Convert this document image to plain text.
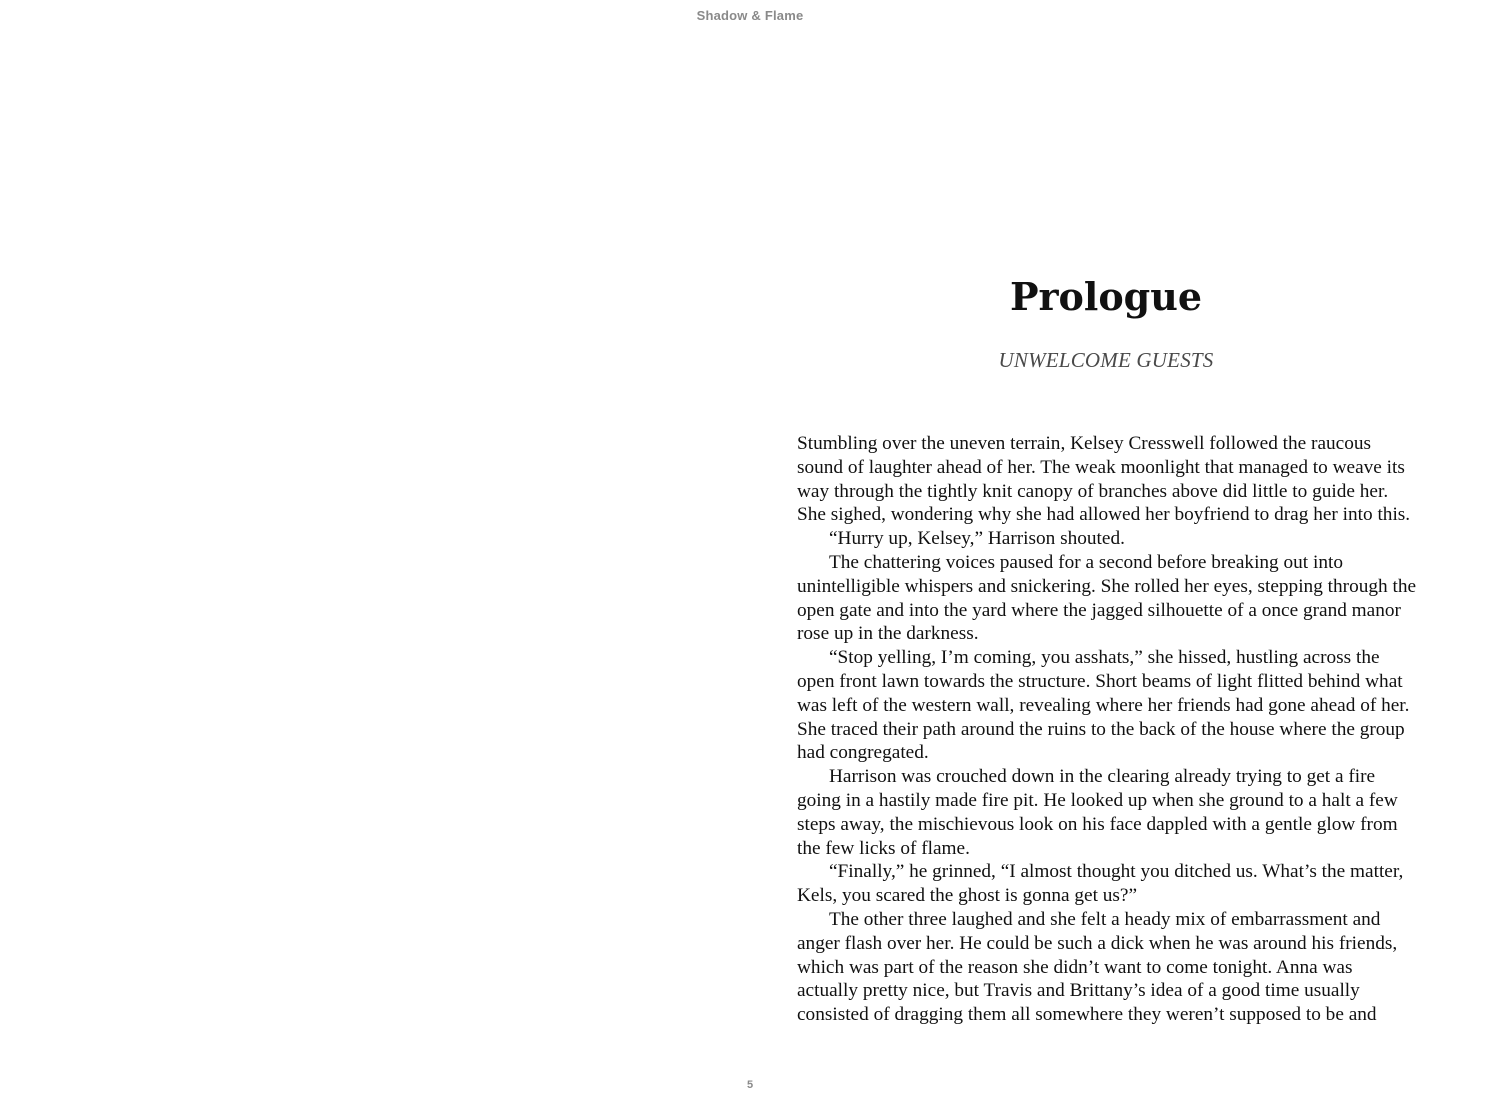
Shadow & Flame
Prologue
UNWELCOME GUESTS

Stumbling over the uneven terrain, Kelsey Cresswell followed the raucous sound of laughter ahead of her. The weak moonlight that managed to weave its way through the tightly knit canopy of branches above did little to guide her. She sighed, wondering why she had allowed her boyfriend to drag her into this.

“Hurry up, Kelsey,” Harrison shouted.

The chattering voices paused for a second before breaking out into unintelligible whispers and snickering. She rolled her eyes, stepping through the open gate and into the yard where the jagged silhouette of a once grand manor rose up in the darkness.

“Stop yelling, I’m coming, you asshats,” she hissed, hustling across the open front lawn towards the structure. Short beams of light flitted behind what was left of the western wall, revealing where her friends had gone ahead of her. She traced their path around the ruins to the back of the house where the group had congregated.

Harrison was crouched down in the clearing already trying to get a fire going in a hastily made fire pit. He looked up when she ground to a halt a few steps away, the mischievous look on his face dappled with a gentle glow from the few licks of flame.

“Finally,” he grinned, “I almost thought you ditched us. What’s the matter, Kels, you scared the ghost is gonna get us?”

The other three laughed and she felt a heady mix of embarrassment and anger flash over her. He could be such a dick when he was around his friends, which was part of the reason she didn’t want to come tonight. Anna was actually pretty nice, but Travis and Brittany’s idea of a good time usually consisted of dragging them all somewhere they weren’t supposed to be and

5
